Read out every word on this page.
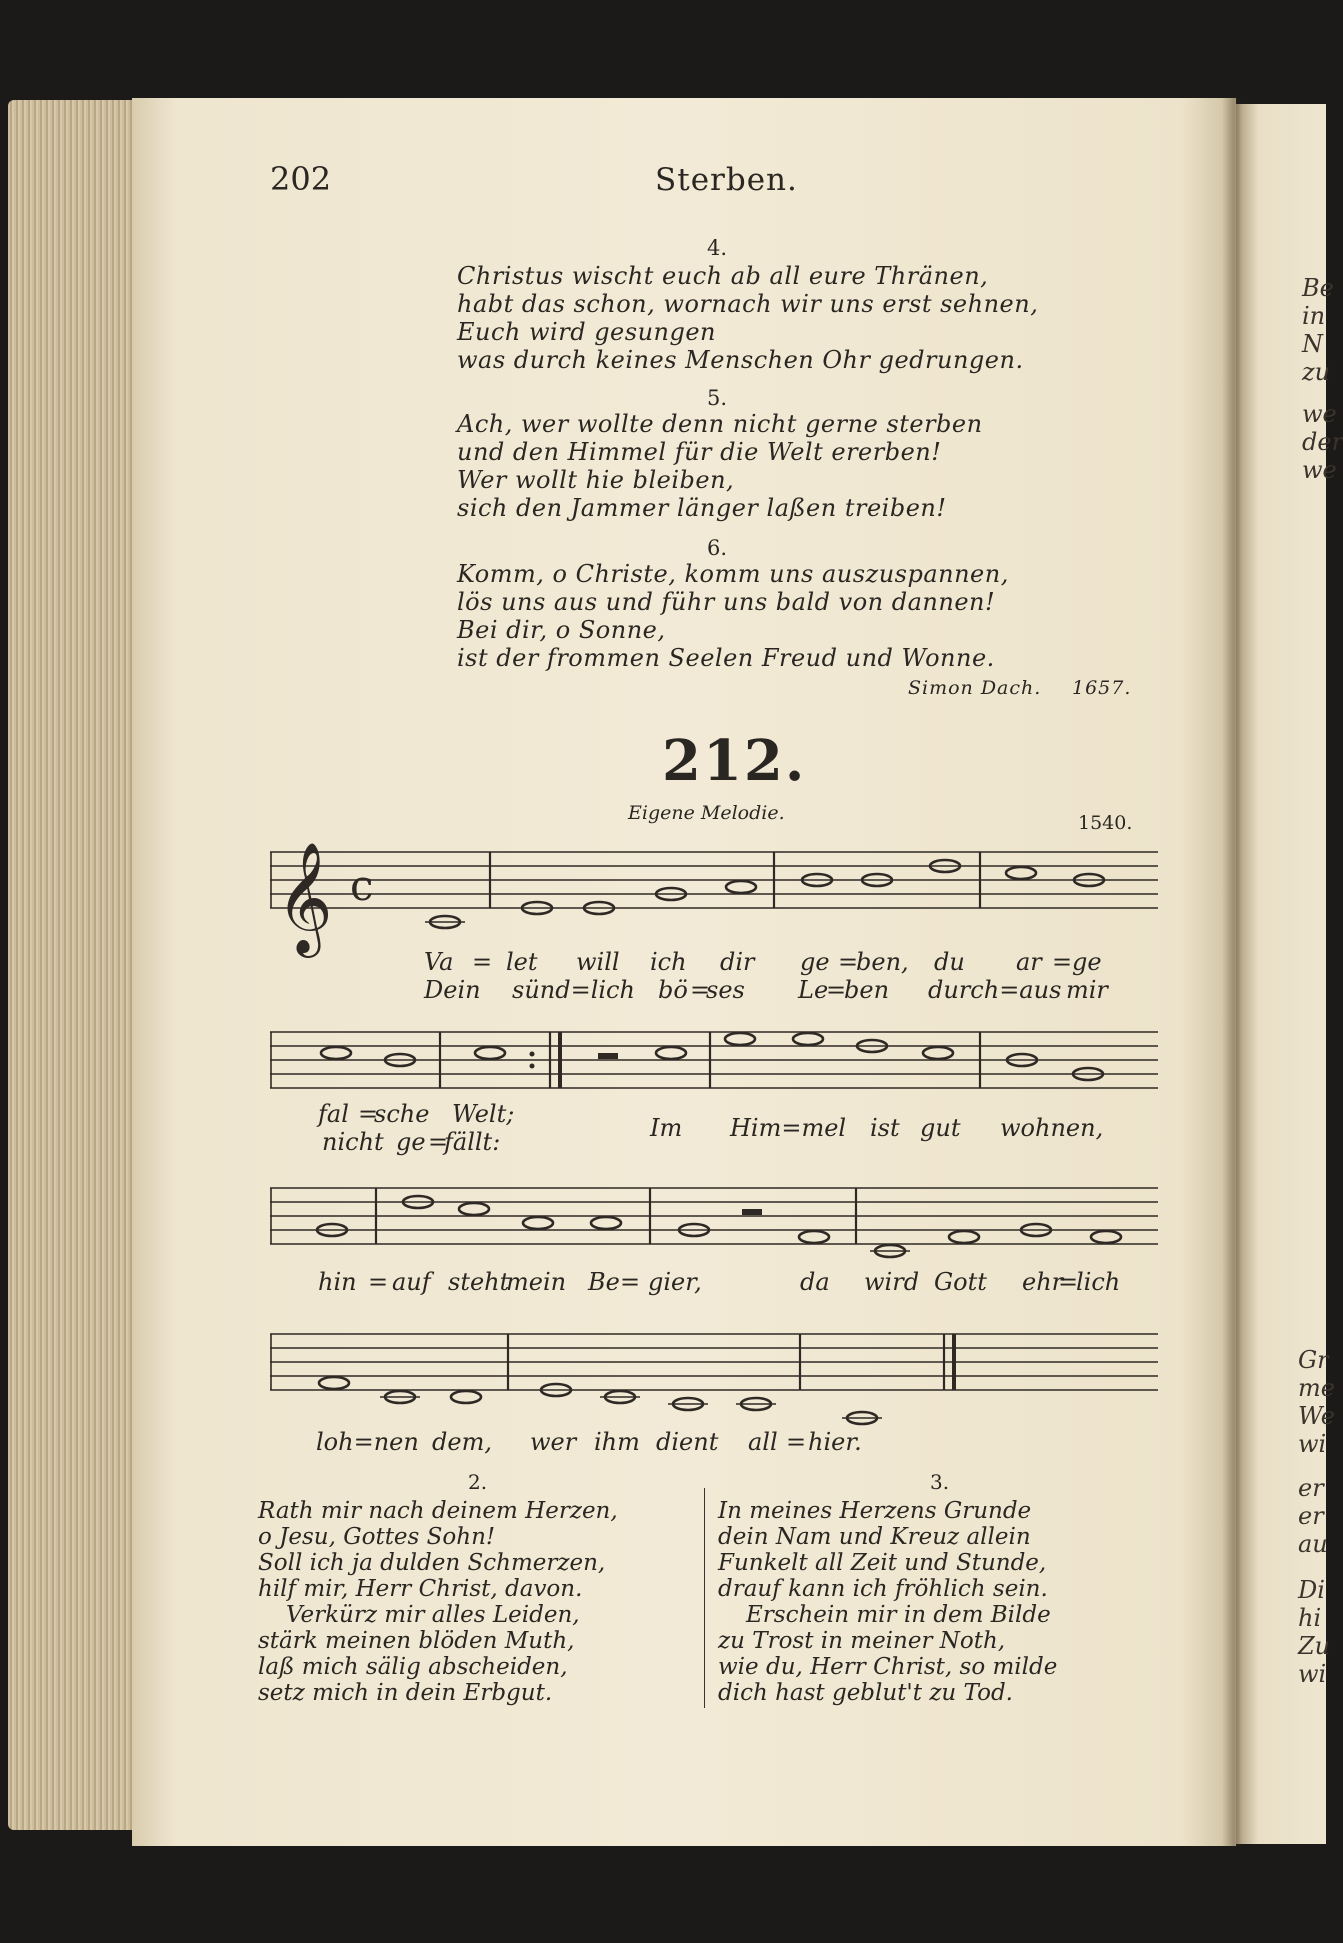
202	Sterben.
4.
Christus wischt euch ab all eure Thränen,
habt das schon, wornach wir uns erst sehnen,
Euch wird gesungen
was durch keines Menschen Ohr gedrungen.
5.
Ach, wer wollte denn nicht gerne sterben
und den Himmel für die Welt ererben!
Wer wollt hie bleiben,
sich den Jammer länger laßen treiben!
6.
Komm, o Christe, komm uns auszuspannen,
lös uns aus und führ uns bald von dannen!
Bei dir, o Sonne,
ist der frommen Seelen Freud und Wonne.
Simon Dach. 1657.
212.
Eigene Melodie.	1540.
𝄞 c
Va = let will ich dir ge =
ben, du ar = ge
Dein sünd=lich bö =
ses Le
=
ben durch=aus mir
fal =
sche Welt;
nicht ge =
fällt:	Im Him=mel ist gut wohnen,
hin = auf steht
mein Be = gier,	da wird Gott ehr
=
lich
loh=nen dem, wer ihm dient all = hier.
2.
Rath mir nach deinem Herzen,
o Jesu, Gottes Sohn!
Soll ich ja dulden Schmerzen,
hilf mir, Herr Christ, davon.
Verkürz mir alles Leiden,
stärk meinen blöden Muth,
laß mich sälig abscheiden,
setz mich in dein Erbgut.
3.
In meines Herzens Grunde
dein Nam und Kreuz allein
Funkelt all Zeit und Stunde,
drauf kann ich fröhlich sein.
Erschein mir in dem Bilde
zu Trost in meiner Noth,
wie du, Herr Christ, so milde
dich hast geblut't zu Tod.
Be
in
N
zu
we
der
we
Gr
me
We
wi
er
er
au
Di
hi
Zu
wi
